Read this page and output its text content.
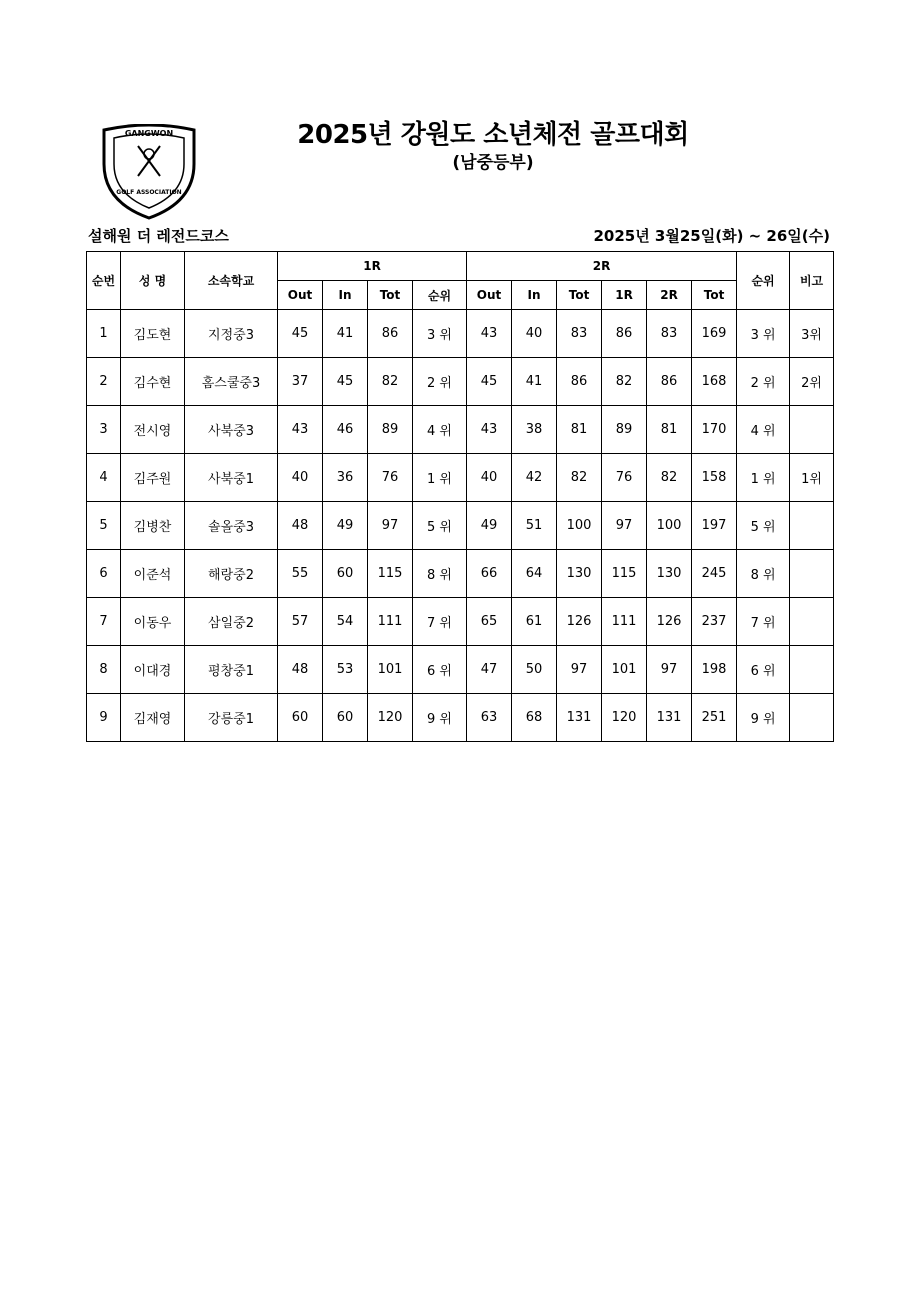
GANGWON
GOLF ASSOCIATION
2025년 강원도 소년체전 골프대회
(남중등부)
설해원 더 레전드코스	2025년 3월25일(화) ~ 26일(수)
순번	성 명	소속학교	1R				2R						순위	비고
			Out	In	Tot	순위	Out	In	Tot	1R	2R	Tot		
1	김도현	지정중3	45	41	86	3 위	43	40	83	86	83	169	3 위	3위
2	김수현	홈스쿨중3	37	45	82	2 위	45	41	86	82	86	168	2 위	2위
3	전시영	사북중3	43	46	89	4 위	43	38	81	89	81	170	4 위	
4	김주원	사북중1	40	36	76	1 위	40	42	82	76	82	158	1 위	1위
5	김병찬	솔올중3	48	49	97	5 위	49	51	100	97	100	197	5 위	
6	이준석	해랑중2	55	60	115	8 위	66	64	130	115	130	245	8 위	
7	이동우	삼일중2	57	54	111	7 위	65	61	126	111	126	237	7 위	
8	이대경	평창중1	48	53	101	6 위	47	50	97	101	97	198	6 위	
9	김재영	강릉중1	60	60	120	9 위	63	68	131	120	131	251	9 위	
